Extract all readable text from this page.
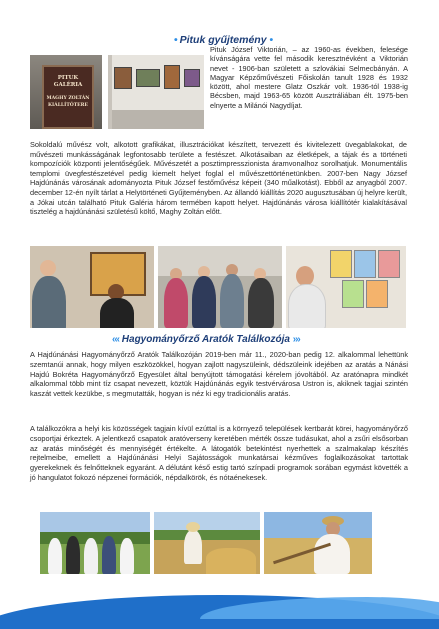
• Pituk gyűjtemény •
PITUK
GALÉRIA
MAGHY ZOLTÁN
KIÁLLÍTÓTERE

Pituk József Viktorián, – az 1960-as években, felesége kívánságára vette fel második keresztnévként a Viktorián nevet - 1906-ban született a szlovákiai Selmecbányán. A Magyar Képzőművészeti Főiskolán tanult 1928 és 1932 között, ahol mestere Glatz Oszkár volt. 1936-tól 1938-ig Bécsben, majd 1963-65 között Ausztráliában élt. 1975-ben elnyerte a Milánói Nagydíjat.

Sokoldalú művész volt, alkotott grafikákat, illusztrációkat készített, tervezett és kivitelezett üvegablakokat, de művészeti munkásságának legfontosabb területe a festészet. Alkotásaiban az életképek, a tájak és a történeti kompozíciók központi jelentőségűek. Művészetét a posztimpresszionista áramvonalhoz sorolhatjuk. Monumentális templomi üvegfestészetével pedig kiemelt helyet foglal el művészettörténetünkben. 2007-ben Nagy József Hajdúnánás városának adományozta Pituk József festőművész képeit (340 műalkotást). Ebből az anyagból 2007. december 12-én nyílt tárlat a Helytörténeti Gyűjteményben. Az állandó kiállítás 2020 augusztusában új helyre került, a Jókai utcán található Pituk Galéria három termében kapott helyet. Hajdúnánás városa kiállítótér kialakításával tisztelég a hajdúnánási születésű költő, Maghy Zoltán előtt.

‹‹‹ Hagyományőrző Aratók Találkozója ›››

A Hajdúnánási Hagyományőrző Aratók Találkozóján 2019-ben már 11., 2020-ban pedig 12. alkalommal lehettünk szemtanúi annak, hogy milyen eszközökkel, hogyan zajlott nagyszüleink, dédszüleink idejében az aratás a Nánási Hajdú Bokréta Hagyományőrző Egyesület által benyújtott támogatási kérelem jóvoltából. Az aratónapra mindkét alkalommal több mint tíz csapat nevezett, köztük Hajdúnánás egyik testvérvárosa Ustron is, akiknek tagjai szintén kaszát vettek kezükbe, s megmutatták, hogyan is néz ki egy tradicionális aratás.

A találkozókra a helyi kis közösségek tagjain kívül ezúttal is a környező települések kertbarát körei, hagyományőrző csoportjai érkeztek. A jelentkező csapatok aratóverseny keretében mérték össze tudásukat, ahol a zsűri elsősorban az aratás minőségét és mennyiségét értékelte. A látogatók betekintést nyerhettek a szalmakalap készítés rejtelmeibe, emellett a Hajdúnánási Helyi Sajátosságok munkatársai kézműves foglalkozásokat tartottak gyerekeknek és felnőtteknek egyaránt. A délutánt késő estig tartó színpadi programok sorában egymást követték a jó hangulatot fokozó népzenei formációk, népdalkörök, és nótaénekesek.
